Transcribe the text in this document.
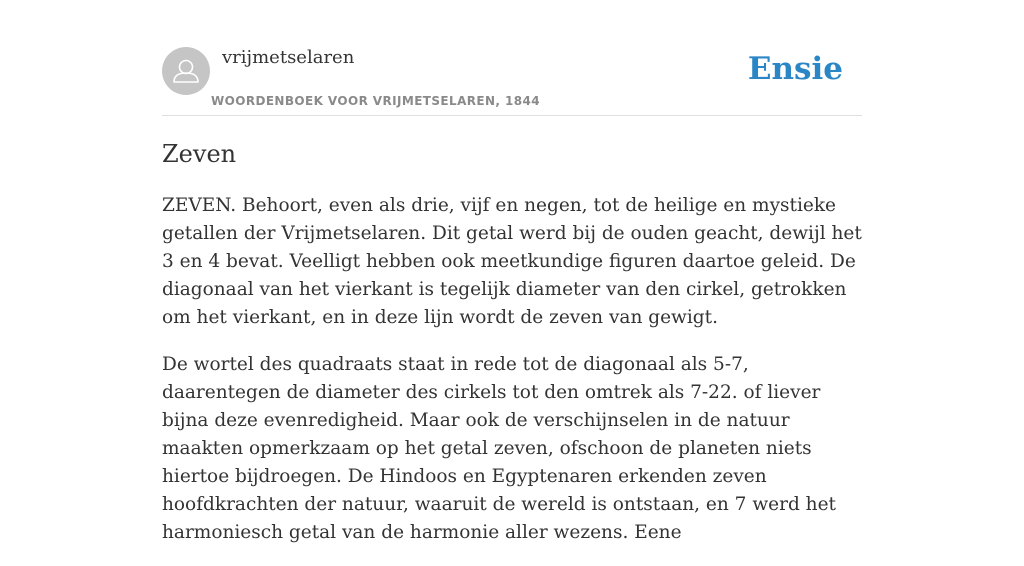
vrijmetselaren
WOORDENBOEK VOOR VRIJMETSELAREN, 1844
Ensie
Zeven

ZEVEN. Behoort, even als drie, vijf en negen, tot de heilige en mystieke getallen der Vrijmetselaren. Dit getal werd bij de ouden geacht, dewijl het 3 en 4 bevat. Veelligt hebben ook meetkundige figuren daartoe geleid. De diagonaal van het vierkant is tegelijk diameter van den cirkel, getrokken om het vierkant, en in deze lijn wordt de zeven van gewigt.

De wortel des quadraats staat in rede tot de diagonaal als 5-7, daarentegen de diameter des cirkels tot den omtrek als 7-22. of liever bijna deze evenredigheid. Maar ook de verschijnselen in de natuur maakten opmerkzaam op het getal zeven, ofschoon de planeten niets hiertoe bijdroegen. De Hindoos en Egyptenaren erkenden zeven hoofdkrachten der natuur, waaruit de wereld is ontstaan, en 7 werd het harmoniesch getal van de harmonie aller wezens. Eene
